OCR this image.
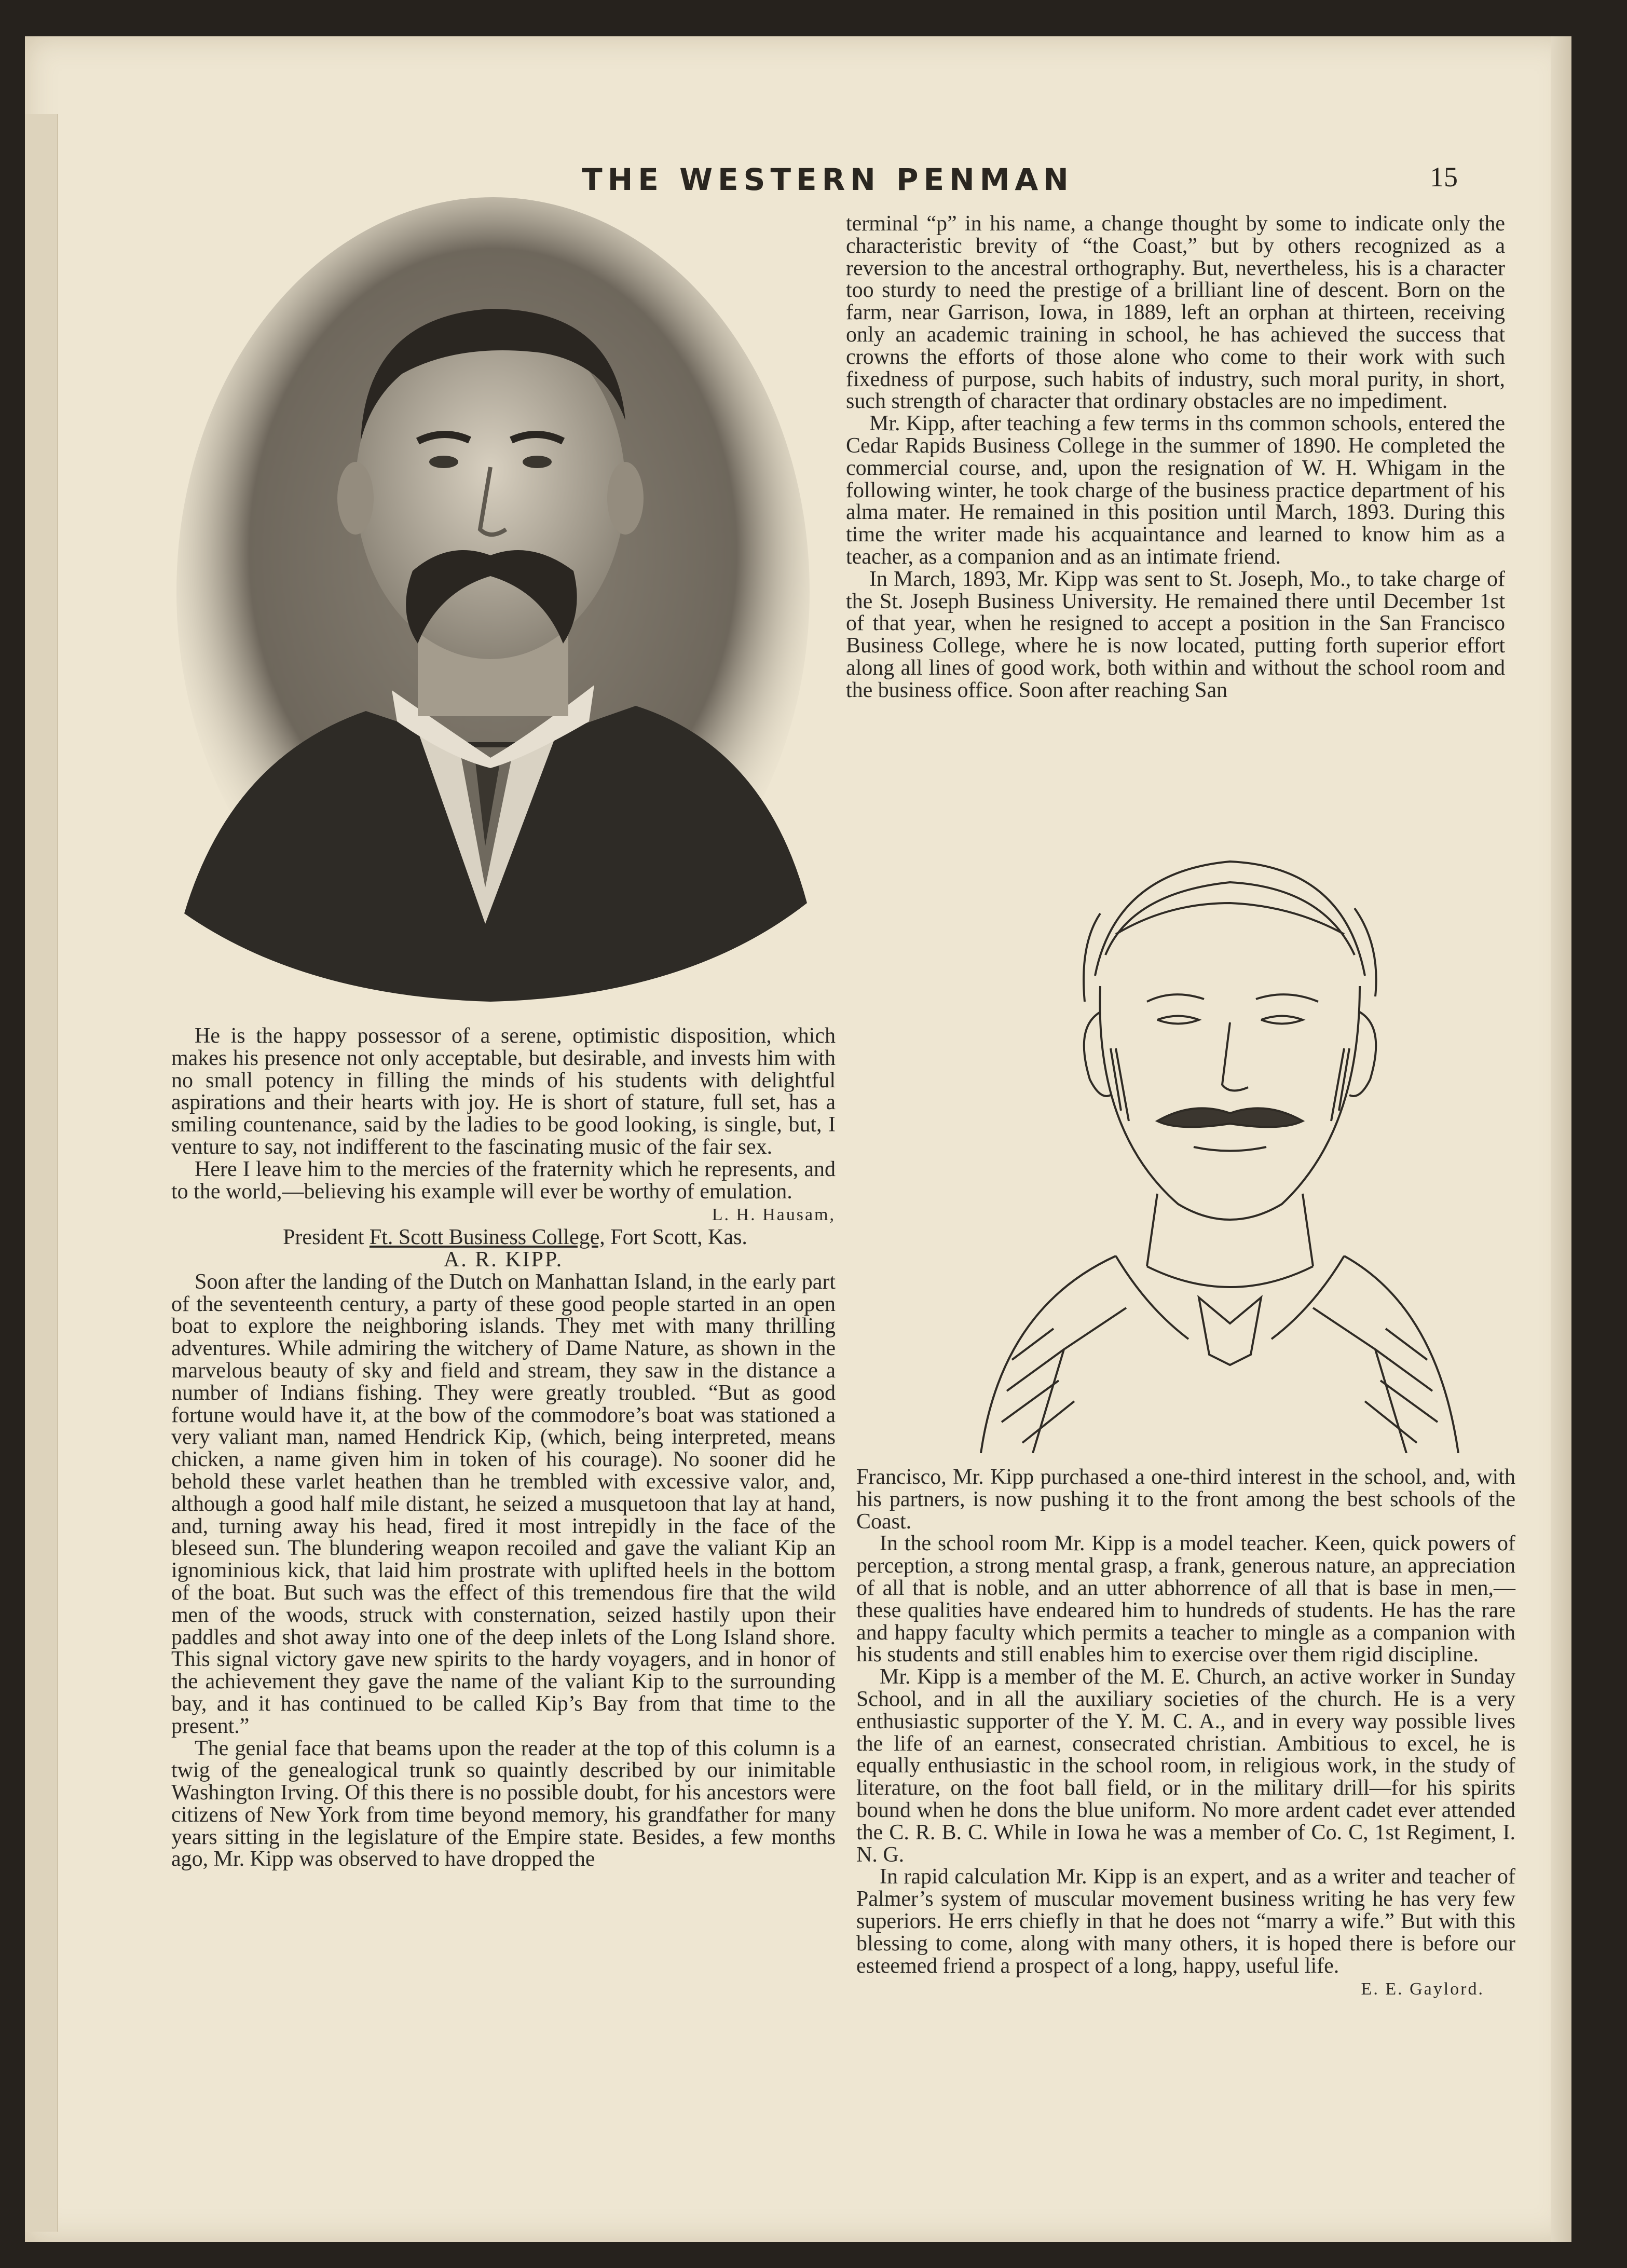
THE WESTERN PENMAN	15

He is the happy possessor of a serene, optimistic disposition, which makes his presence not only acceptable, but desirable, and invests him with no small potency in filling the minds of his students with delightful aspirations and their hearts with joy. He is short of stature, full set, has a smiling countenance, said by the ladies to be good looking, is single, but, I venture to say, not indifferent to the fascinating music of the fair sex.

Here I leave him to the mercies of the fraternity which he represents, and to the world,—believing his example will ever be worthy of emulation.

L. H. Hausam,

President Ft. Scott Business College, Fort Scott, Kas.

A. R. KIPP.

Soon after the landing of the Dutch on Manhattan Island, in the early part of the seventeenth century, a party of these good people started in an open boat to explore the neighboring islands. They met with many thrilling adventures. While admiring the witchery of Dame Nature, as shown in the marvelous beauty of sky and field and stream, they saw in the distance a number of Indians fishing. They were greatly troubled. “But as good fortune would have it, at the bow of the commodore’s boat was stationed a very valiant man, named Hendrick Kip, (which, being interpreted, means chicken, a name given him in token of his courage). No sooner did he behold these varlet heathen than he trembled with excessive valor, and, although a good half mile distant, he seized a musquetoon that lay at hand, and, turning away his head, fired it most intrepidly in the face of the bleseed sun. The blundering weapon recoiled and gave the valiant Kip an ignominious kick, that laid him prostrate with uplifted heels in the bottom of the boat. But such was the effect of this tremendous fire that the wild men of the woods, struck with consternation, seized hastily upon their paddles and shot away into one of the deep inlets of the Long Island shore. This signal victory gave new spirits to the hardy voyagers, and in honor of the achievement they gave the name of the valiant Kip to the surrounding bay, and it has continued to be called Kip’s Bay from that time to the present.”

The genial face that beams upon the reader at the top of this column is a twig of the genealogical trunk so quaintly described by our inimitable Washington Irving. Of this there is no possible doubt, for his ancestors were citizens of New York from time beyond memory, his grandfather for many years sitting in the legislature of the Empire state. Besides, a few months ago, Mr. Kipp was observed to have dropped the

terminal “p” in his name, a change thought by some to indicate only the characteristic brevity of “the Coast,” but by others recognized as a reversion to the ancestral orthography. But, nevertheless, his is a character too sturdy to need the prestige of a brilliant line of descent. Born on the farm, near Garrison, Iowa, in 1889, left an orphan at thirteen, receiving only an academic training in school, he has achieved the success that crowns the efforts of those alone who come to their work with such fixedness of purpose, such habits of industry, such moral purity, in short, such strength of character that ordinary obstacles are no impediment.

Mr. Kipp, after teaching a few terms in ths common schools, entered the Cedar Rapids Business College in the summer of 1890. He completed the commercial course, and, upon the resignation of W. H. Whigam in the following winter, he took charge of the business practice department of his alma mater. He remained in this position until March, 1893. During this time the writer made his acquaintance and learned to know him as a teacher, as a companion and as an intimate friend.

In March, 1893, Mr. Kipp was sent to St. Joseph, Mo., to take charge of the St. Joseph Business University. He remained there until December 1st of that year, when he resigned to accept a position in the San Francisco Business College, where he is now located, putting forth superior effort along all lines of good work, both within and without the school room and the business office. Soon after reaching San

Francisco, Mr. Kipp purchased a one-third interest in the school, and, with his partners, is now pushing it to the front among the best schools of the Coast.

In the school room Mr. Kipp is a model teacher. Keen, quick powers of perception, a strong mental grasp, a frank, generous nature, an appreciation of all that is noble, and an utter abhorrence of all that is base in men,—these qualities have endeared him to hundreds of students. He has the rare and happy faculty which permits a teacher to mingle as a companion with his students and still enables him to exercise over them rigid discipline.

Mr. Kipp is a member of the M. E. Church, an active worker in Sunday School, and in all the auxiliary societies of the church. He is a very enthusiastic supporter of the Y. M. C. A., and in every way possible lives the life of an earnest, consecrated christian. Ambitious to excel, he is equally enthusiastic in the school room, in religious work, in the study of literature, on the foot ball field, or in the military drill—for his spirits bound when he dons the blue uniform. No more ardent cadet ever attended the C. R. B. C. While in Iowa he was a member of Co. C, 1st Regiment, I. N. G.

In rapid calculation Mr. Kipp is an expert, and as a writer and teacher of Palmer’s system of muscular movement business writing he has very few superiors. He errs chiefly in that he does not “marry a wife.” But with this blessing to come, along with many others, it is hoped there is before our esteemed friend a prospect of a long, happy, useful life.

E. E. Gaylord.
